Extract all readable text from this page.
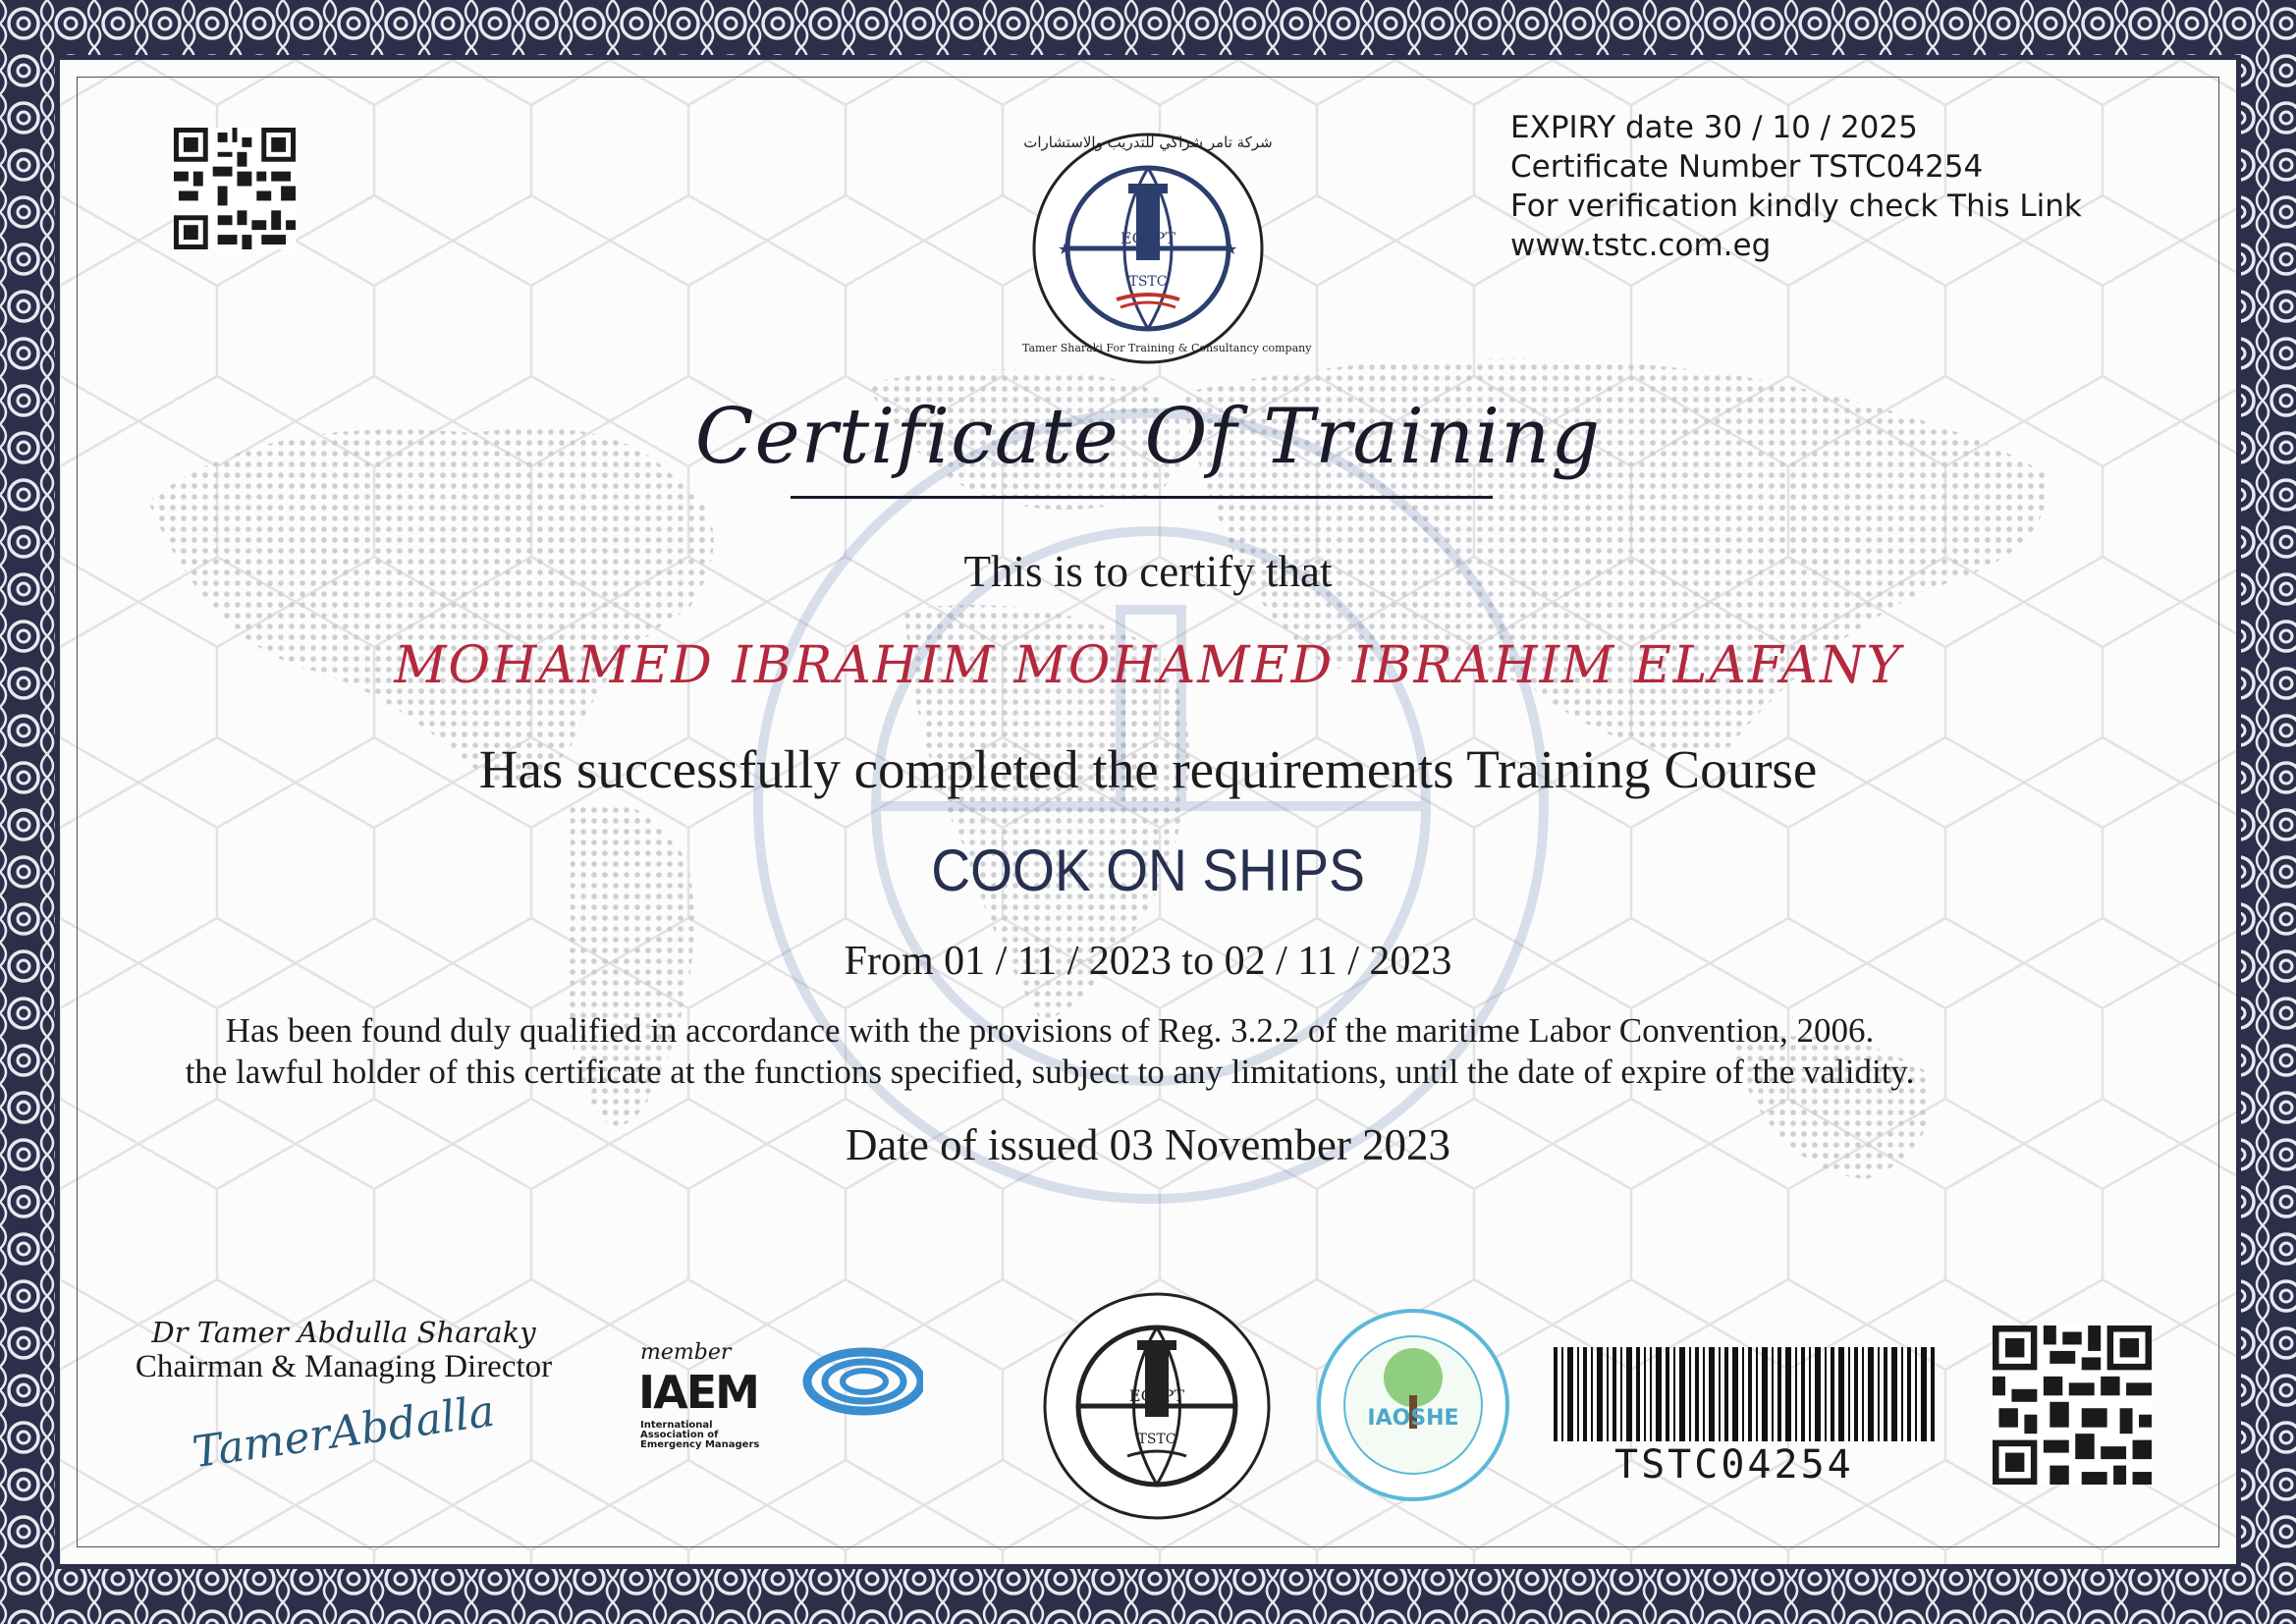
EGYPT
TSTC
★	★
شركة تامر شراكي للتدريب والاستشارات
Tamer Sharaki For Training & Consultancy company
EXPIRY date 30 / 10 / 2025
Certificate Number TSTC04254
For verification kindly check This Link
www.tstc.com.eg
Certificate Of Training
This is to certify that
MOHAMED IBRAHIM MOHAMED IBRAHIM ELAFANY
Has successfully completed the requirements Training Course
COOK ON SHIPS
From 01 / 11 / 2023 to 02 / 11 / 2023
Has been found duly qualified in accordance with the provisions of Reg. 3.2.2 of the maritime Labor Convention, 2006.
the lawful holder of this certificate at the functions specified, subject to any limitations, until the date of expire of the validity.
Date of issued 03 November 2023
Dr Tamer Abdulla Sharaky
Chairman & Managing Director
TamerAbdalla
member
IAEM
International
Association of
Emergency Managers
EGYPT
TSTC
IAOSHE
TSTC04254
